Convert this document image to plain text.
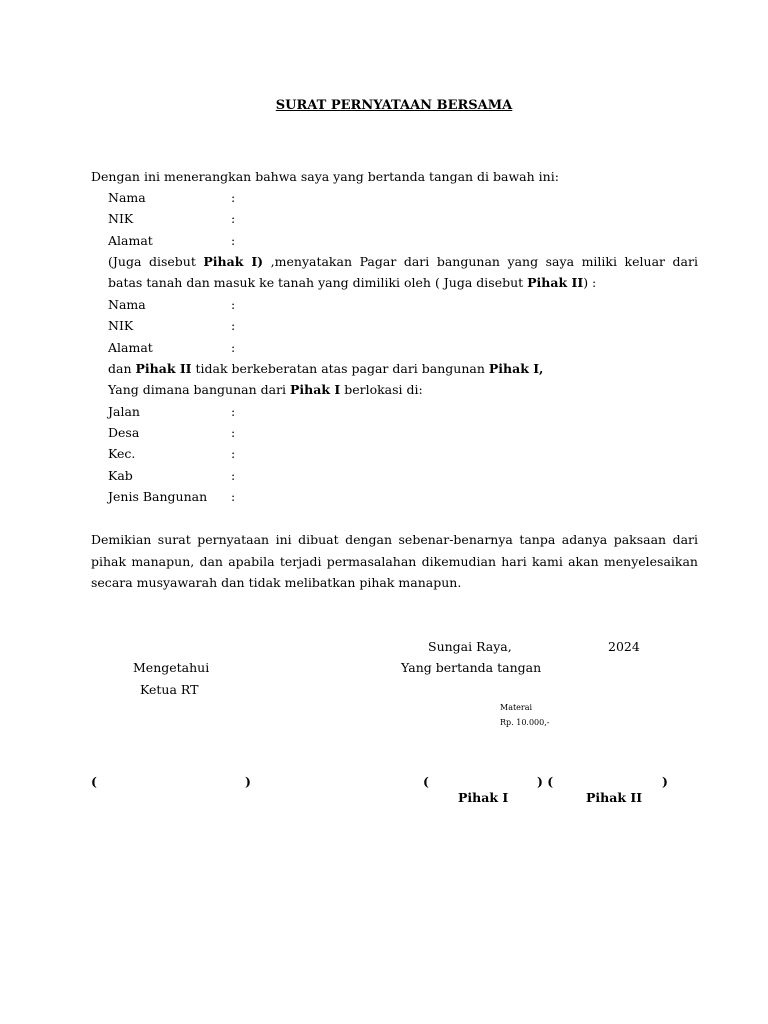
SURAT PERNYATAAN BERSAMA
Dengan ini menerangkan bahwa saya yang bertanda tangan di bawah ini:
Nama	:
NIK	:
Alamat	:
(Juga disebut Pihak I) ,menyatakan Pagar dari bangunan yang saya miliki keluar dari
batas tanah dan masuk ke tanah yang dimiliki oleh ( Juga disebut Pihak II) :
Nama	:
NIK	:
Alamat	:
dan Pihak II tidak berkeberatan atas pagar dari bangunan Pihak I,
Yang dimana bangunan dari Pihak I berlokasi di:
Jalan	:
Desa	:
Kec.	:
Kab	:
Jenis Bangunan :
Demikian surat pernyataan ini dibuat dengan sebenar-benarnya tanpa adanya paksaan dari
pihak manapun, dan apabila terjadi permasalahan dikemudian hari kami akan menyelesaikan
secara musyawarah dan tidak melibatkan pihak manapun.
Sungai Raya,	2024
Mengetahui	Yang bertanda tangan
Ketua RT
Materai
Rp. 10.000,-
(	)	(	) (	)
Pihak I	Pihak II
